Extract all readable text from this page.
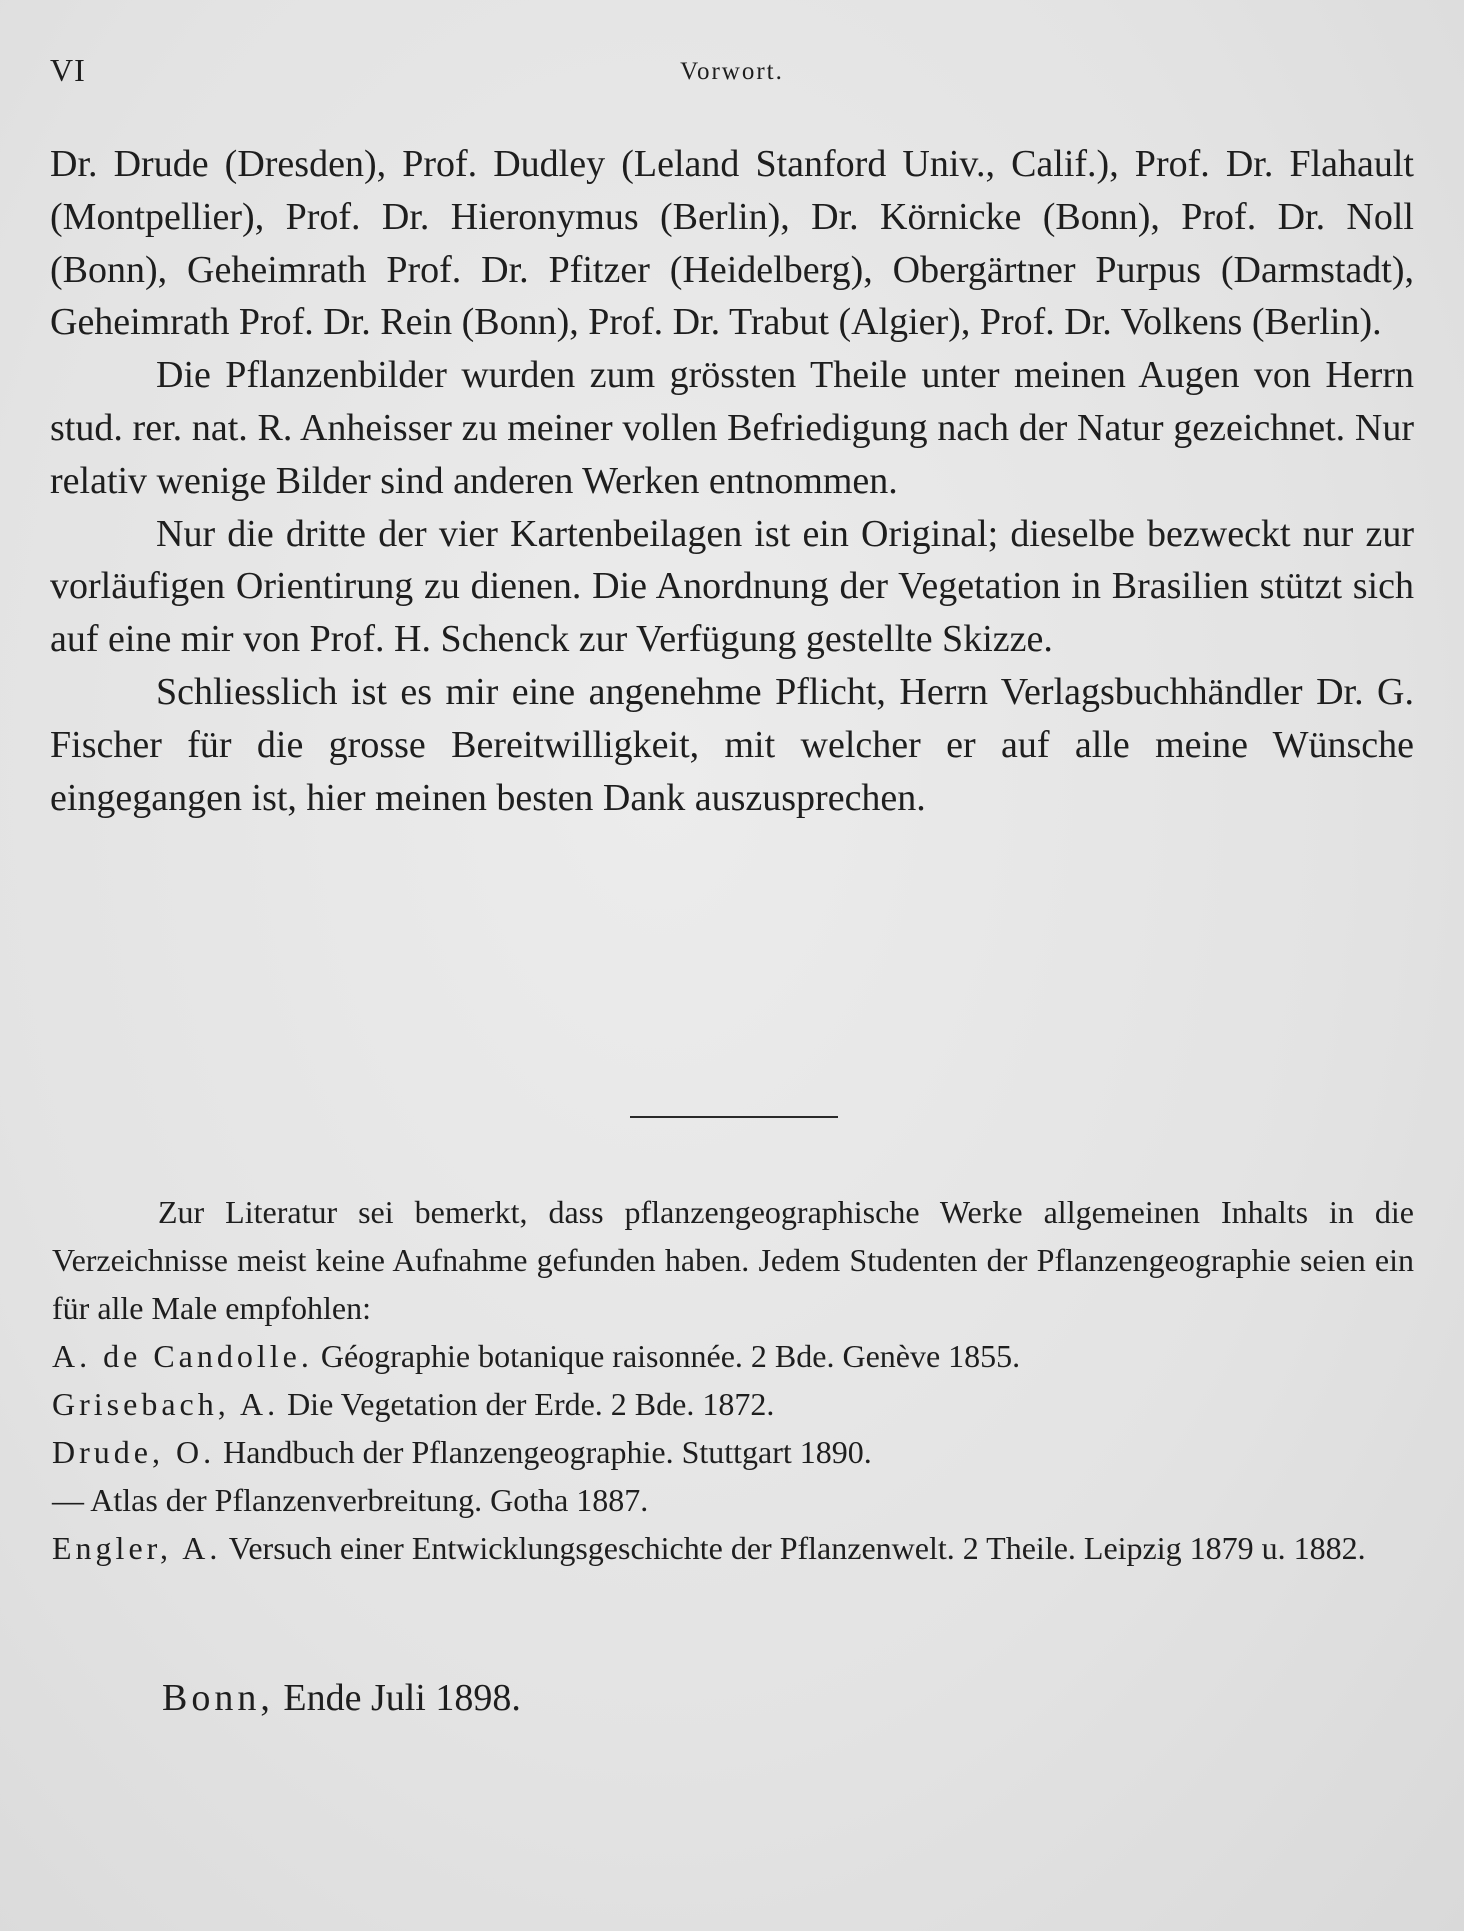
VI	Vorwort.

Dr. Drude (Dresden), Prof. Dudley (Leland Stanford Univ., Calif.), Prof. Dr. Flahault (Montpellier), Prof. Dr. Hieronymus (Berlin), Dr. Körnicke (Bonn), Prof. Dr. Noll (Bonn), Geheimrath Prof. Dr. Pfitzer (Heidelberg), Obergärtner Purpus (Darmstadt), Geheimrath Prof. Dr. Rein (Bonn), Prof. Dr. Trabut (Algier), Prof. Dr. Volkens (Berlin).

Die Pflanzenbilder wurden zum grössten Theile unter meinen Augen von Herrn stud. rer. nat. R. Anheisser zu meiner vollen Befriedigung nach der Natur gezeichnet. Nur relativ wenige Bilder sind anderen Werken entnommen.

Nur die dritte der vier Kartenbeilagen ist ein Original; dieselbe bezweckt nur zur vorläufigen Orientirung zu dienen. Die Anordnung der Vegetation in Brasilien stützt sich auf eine mir von Prof. H. Schenck zur Verfügung gestellte Skizze.

Schliesslich ist es mir eine angenehme Pflicht, Herrn Verlagsbuchhändler Dr. G. Fischer für die grosse Bereitwilligkeit, mit welcher er auf alle meine Wünsche eingegangen ist, hier meinen besten Dank auszusprechen.

Zur Literatur sei bemerkt, dass pflanzengeographische Werke allgemeinen Inhalts in die Verzeichnisse meist keine Aufnahme gefunden haben. Jedem Studenten der Pflanzengeographie seien ein für alle Male empfohlen:

A. de Candolle. Géographie botanique raisonnée. 2 Bde. Genève 1855.

Grisebach, A. Die Vegetation der Erde. 2 Bde. 1872.

Drude, O. Handbuch der Pflanzengeographie. Stuttgart 1890.

— Atlas der Pflanzenverbreitung. Gotha 1887.

Engler, A. Versuch einer Entwicklungsgeschichte der Pflanzenwelt. 2 Theile. Leipzig 1879 u. 1882.

Bonn, Ende Juli 1898.
